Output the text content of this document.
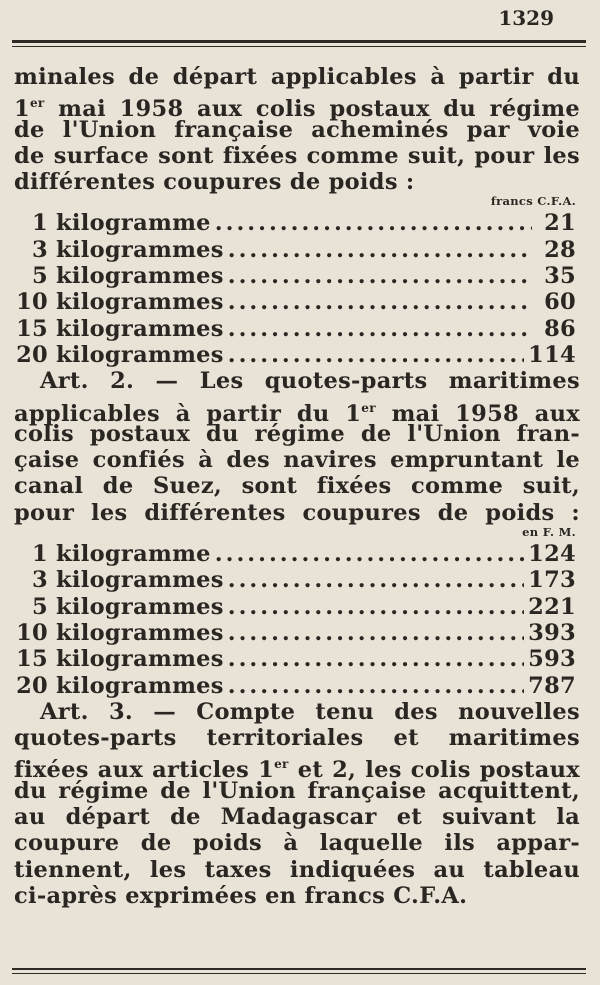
1329
minales de départ applicables à partir du
1er mai 1958 aux colis postaux du régime
de l'Union française acheminés par voie
de surface sont fixées comme suit, pour les
différentes coupures de poids :
francs C.F.A.
1 kilogramme .....	21
3 kilogrammes .....	28
5 kilogrammes .....	35
10 kilogrammes .....	60
15 kilogrammes .....	86
20 kilogrammes .....	114
Art. 2. — Les quotes-parts maritimes
applicables à partir du 1er mai 1958 aux
colis postaux du régime de l'Union fran-
çaise confiés à des navires empruntant le
canal de Suez, sont fixées comme suit,
pour les différentes coupures de poids :
en F. M.
1 kilogramme .....	124
3 kilogrammes .....	173
5 kilogrammes .....	221
10 kilogrammes .....	393
15 kilogrammes .....	593
20 kilogrammes .....	787
Art. 3. — Compte tenu des nouvelles
quotes-parts territoriales et maritimes
fixées aux articles 1er et 2, les colis postaux
du régime de l'Union française acquittent,
au départ de Madagascar et suivant la
coupure de poids à laquelle ils appar-
tiennent, les taxes indiquées au tableau
ci-après exprimées en francs C.F.A.
